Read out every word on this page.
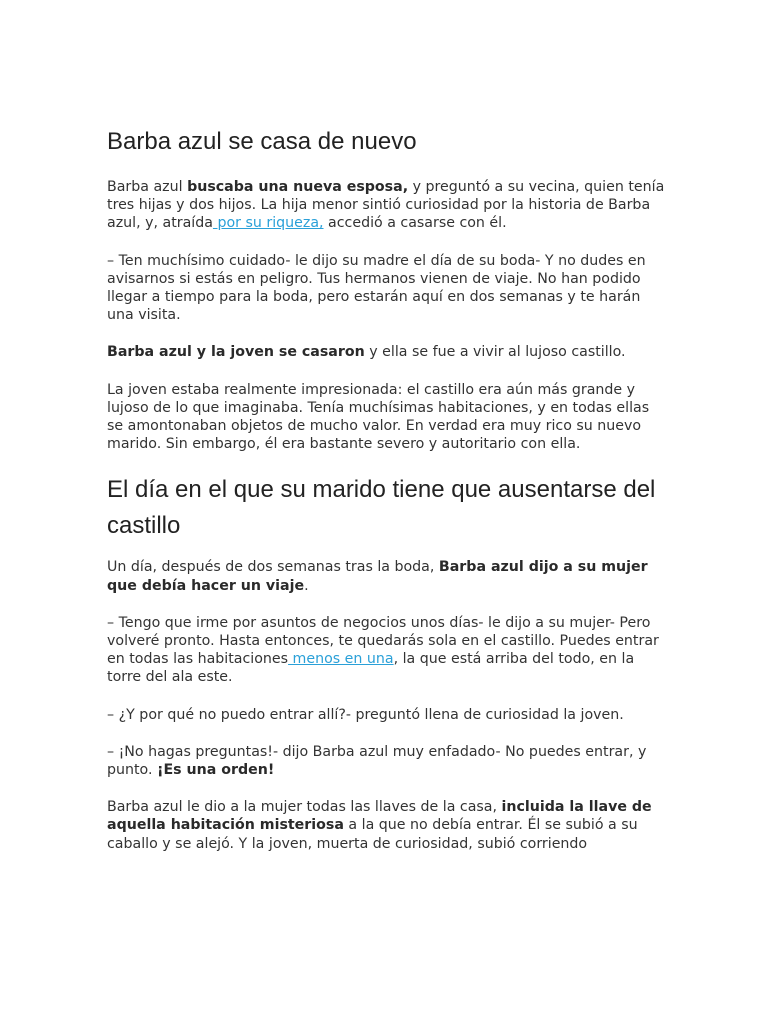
Barba azul se casa de nuevo

Barba azul buscaba una nueva esposa, y preguntó a su vecina, quien tenía tres hijas y dos hijos. La hija menor sintió curiosidad por la historia de Barba azul, y, atraída por su riqueza, accedió a casarse con él.

– Ten muchísimo cuidado- le dijo su madre el día de su boda- Y no dudes en avisarnos si estás en peligro. Tus hermanos vienen de viaje. No han podido llegar a tiempo para la boda, pero estarán aquí en dos semanas y te harán una visita.

Barba azul y la joven se casaron y ella se fue a vivir al lujoso castillo.

La joven estaba realmente impresionada: el castillo era aún más grande y lujoso de lo que imaginaba. Tenía muchísimas habitaciones, y en todas ellas se amontonaban objetos de mucho valor. En verdad era muy rico su nuevo marido. Sin embargo, él era bastante severo y autoritario con ella.

El día en el que su marido tiene que ausentarse del castillo

Un día, después de dos semanas tras la boda, Barba azul dijo a su mujer que debía hacer un viaje.

– Tengo que irme por asuntos de negocios unos días- le dijo a su mujer- Pero volveré pronto. Hasta entonces, te quedarás sola en el castillo. Puedes entrar en todas las habitaciones menos en una, la que está arriba del todo, en la torre del ala este.

– ¿Y por qué no puedo entrar allí?- preguntó llena de curiosidad la joven.

– ¡No hagas preguntas!- dijo Barba azul muy enfadado- No puedes entrar, y punto. ¡Es una orden!

Barba azul le dio a la mujer todas las llaves de la casa, incluida la llave de aquella habitación misteriosa a la que no debía entrar. Él se subió a su caballo y se alejó. Y la joven, muerta de curiosidad, subió corriendo
